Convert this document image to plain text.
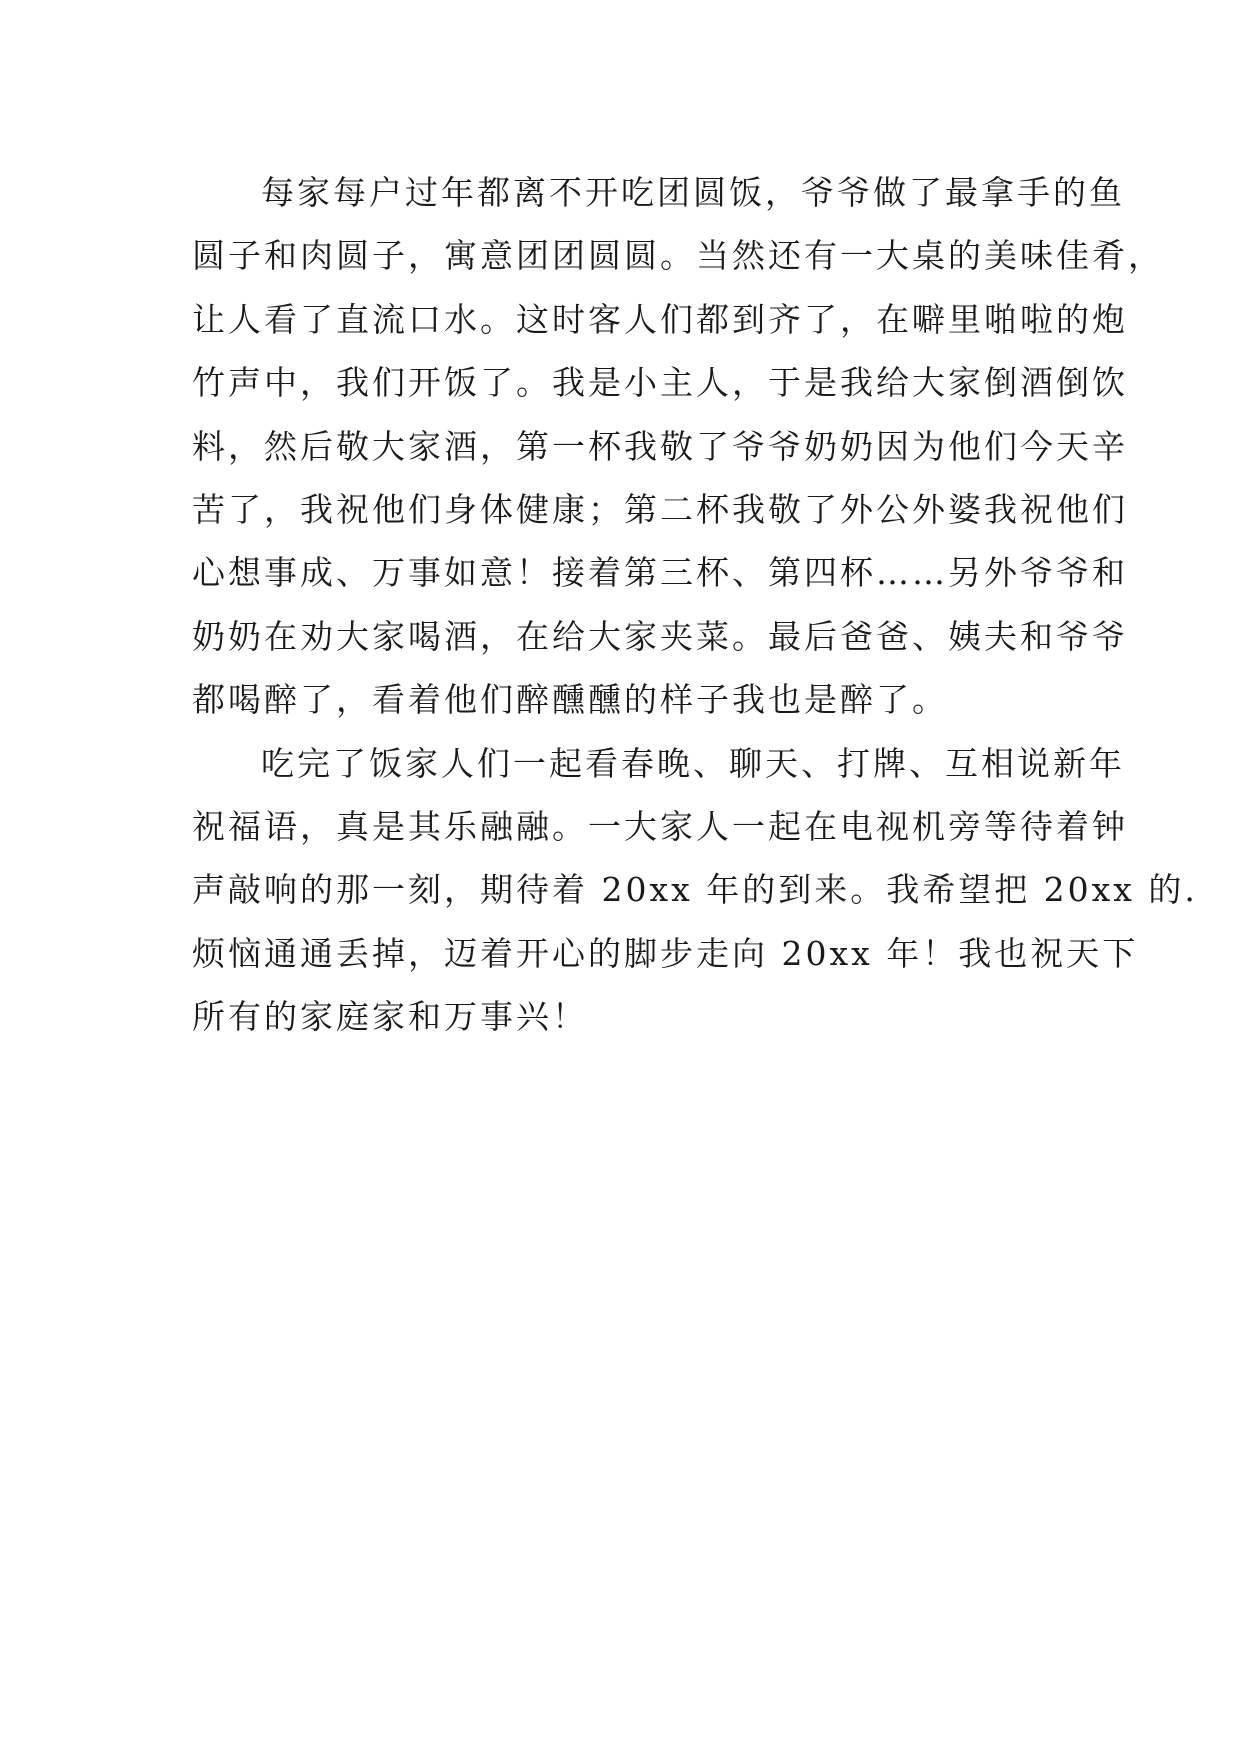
每家每户过年都离不开吃团圆饭，爷爷做了最拿手的鱼
圆子和肉圆子，寓意团团圆圆。当然还有一大桌的美味佳肴，
让人看了直流口水。这时客人们都到齐了，在噼里啪啦的炮
竹声中，我们开饭了。我是小主人，于是我给大家倒酒倒饮
料，然后敬大家酒，第一杯我敬了爷爷奶奶因为他们今天辛
苦了，我祝他们身体健康；第二杯我敬了外公外婆我祝他们
心想事成、万事如意！接着第三杯、第四杯……另外爷爷和
奶奶在劝大家喝酒，在给大家夹菜。最后爸爸、姨夫和爷爷
都喝醉了，看着他们醉醺醺的样子我也是醉了。
吃完了饭家人们一起看春晚、聊天、打牌、互相说新年
祝福语，真是其乐融融。一大家人一起在电视机旁等待着钟
声敲响的那一刻，期待着 20xx 年的到来。我希望把 20xx 的.
烦恼通通丢掉，迈着开心的脚步走向 20xx 年！我也祝天下
所有的家庭家和万事兴！
